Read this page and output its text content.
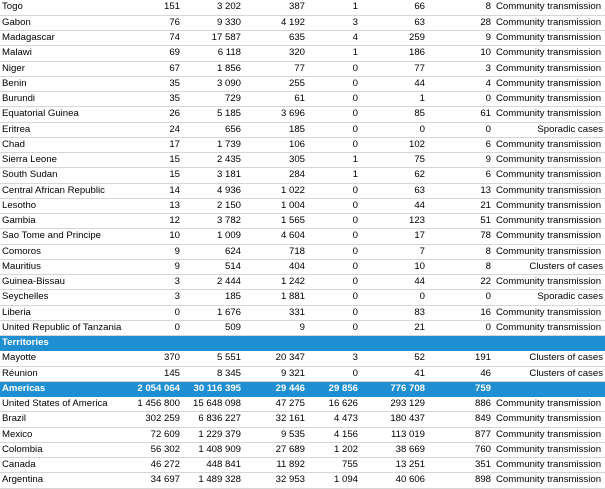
Togo	151	3 202	387	1	66	8	Community transmission
Gabon	76	9 330	4 192	3	63	28	Community transmission
Madagascar	74	17 587	635	4	259	9	Community transmission
Malawi	69	6 118	320	1	186	10	Community transmission
Niger	67	1 856	77	0	77	3	Community transmission
Benin	35	3 090	255	0	44	4	Community transmission
Burundi	35	729	61	0	1	0	Community transmission
Equatorial Guinea	26	5 185	3 696	0	85	61	Community transmission
Eritrea	24	656	185	0	0	0	Sporadic cases
Chad	17	1 739	106	0	102	6	Community transmission
Sierra Leone	15	2 435	305	1	75	9	Community transmission
South Sudan	15	3 181	284	1	62	6	Community transmission
Central African Republic	14	4 936	1 022	0	63	13	Community transmission
Lesotho	13	2 150	1 004	0	44	21	Community transmission
Gambia	12	3 782	1 565	0	123	51	Community transmission
Sao Tome and Principe	10	1 009	4 604	0	17	78	Community transmission
Comoros	9	624	718	0	7	8	Community transmission
Mauritius	9	514	404	0	10	8	Clusters of cases
Guinea-Bissau	3	2 444	1 242	0	44	22	Community transmission
Seychelles	3	185	1 881	0	0	0	Sporadic cases
Liberia	0	1 676	331	0	83	16	Community transmission
United Republic of Tanzania	0	509	9	0	21	0	Community transmission
Territories							
Mayotte	370	5 551	20 347	3	52	191	Clusters of cases
Réunion	145	8 345	9 321	0	41	46	Clusters of cases
Americas	2 054 064	30 116 395	29 446	29 856	776 708	759	
United States of America	1 456 800	15 648 098	47 275	16 626	293 129	886	Community transmission
Brazil	302 259	6 836 227	32 161	4 473	180 437	849	Community transmission
Mexico	72 609	1 229 379	9 535	4 156	113 019	877	Community transmission
Colombia	56 302	1 408 909	27 689	1 202	38 669	760	Community transmission
Canada	46 272	448 841	11 892	755	13 251	351	Community transmission
Argentina	34 697	1 489 328	32 953	1 094	40 606	898	Community transmission
